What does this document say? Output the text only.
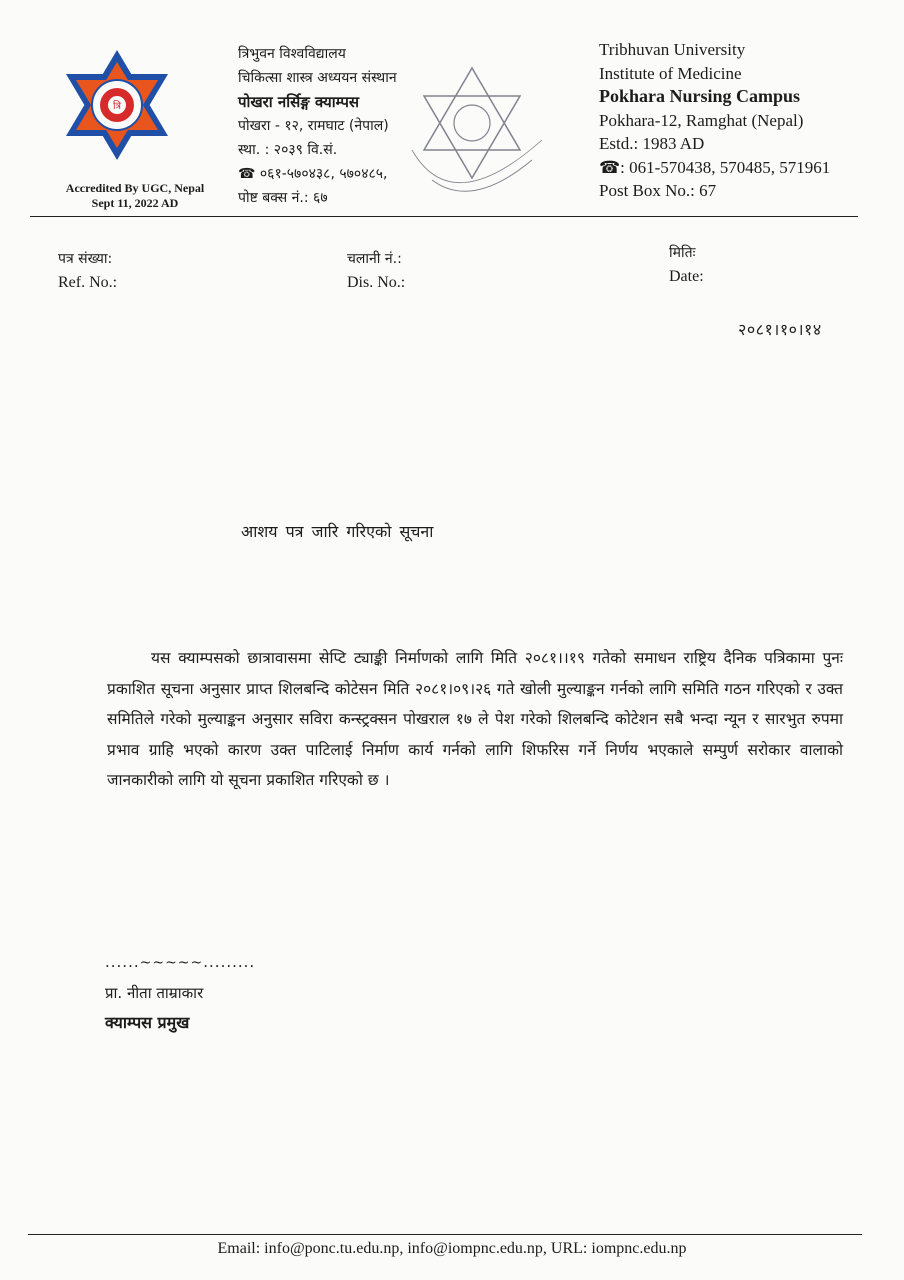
त्रि
Accredited By UGC, Nepal
Sept 11, 2022 AD
त्रिभुवन विश्वविद्यालय
चिकित्सा शास्त्र अध्ययन संस्थान
पोखरा नर्सिङ्ग क्याम्पस
पोखरा - १२, रामघाट (नेपाल)
स्था. : २०३९ वि.सं.
☎ ०६१-५७०४३८, ५७०४८५,
पोष्ट बक्स नं.: ६७
Tribhuvan University
Institute of Medicine
Pokhara Nursing Campus
Pokhara-12, Ramghat (Nepal)
Estd.: 1983 AD
☎: 061-570438, 570485, 571961
Post Box No.: 67
पत्र संख्या:
Ref. No.:
चलानी नं.:
Dis. No.:
मितिः
Date:
२०८१।१०।१४
आशय पत्र जारि गरिएको सूचना
यस क्याम्पसको छात्रावासमा सेप्टि ट्याङ्की निर्माणको लागि मिति २०८१।।१९ गतेको समाधन राष्ट्रिय दैनिक पत्रिकामा पुनः प्रकाशित सूचना अनुसार प्राप्त शिलबन्दि कोटेसन मिति २०८१।०९।२६ गते खोली मुल्याङ्कन गर्नको लागि समिति गठन गरिएको र उक्त समितिले गरेको मुल्याङ्कन अनुसार सविरा कन्स्ट्रक्सन पोखराल १७ ले पेश गरेको शिलबन्दि कोटेशन सबै भन्दा न्यून र सारभुत रुपमा प्रभाव ग्राहि भएको कारण उक्त पाटिलाई निर्माण कार्य गर्नको लागि शिफरिस गर्ने निर्णय भएकाले सम्पुर्ण सरोकार वालाको जानकारीको लागि यो सूचना प्रकाशित गरिएको छ ।
......~~~~~.........
प्रा. नीता ताम्राकार
क्याम्पस प्रमुख
Email: info@ponc.tu.edu.np, info@iompnc.edu.np, URL: iompnc.edu.np
